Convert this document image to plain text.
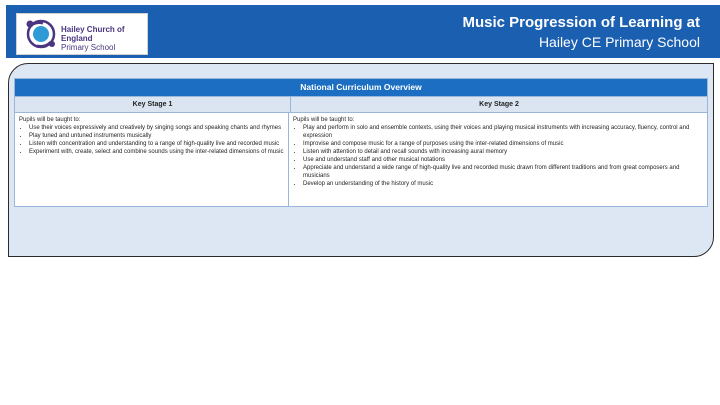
Hailey Church of England
Primary School
Music Progression of Learning at
Hailey CE Primary School
National Curriculum Overview
Key Stage 1	Key Stage 2
Pupils will be taught to:
• Use their voices expressively and creatively by singing songs and speaking chants and rhymes
• Play tuned and untuned instruments musically
• Listen with concentration and understanding to a range of high-quality live and recorded music
• Experiment with, create, select and combine sounds using the inter-related dimensions of music
Pupils will be taught to:
• Play and perform in solo and ensemble contexts, using their voices and playing musical instruments with increasing accuracy, fluency, control and expression
• Improvise and compose music for a range of purposes using the inter-related dimensions of music
• Listen with attention to detail and recall sounds with increasing aural memory
• Use and understand staff and other musical notations
• Appreciate and understand a wide range of high-quality live and recorded music drawn from different traditions and from great composers and musicians
• Develop an understanding of the history of music
